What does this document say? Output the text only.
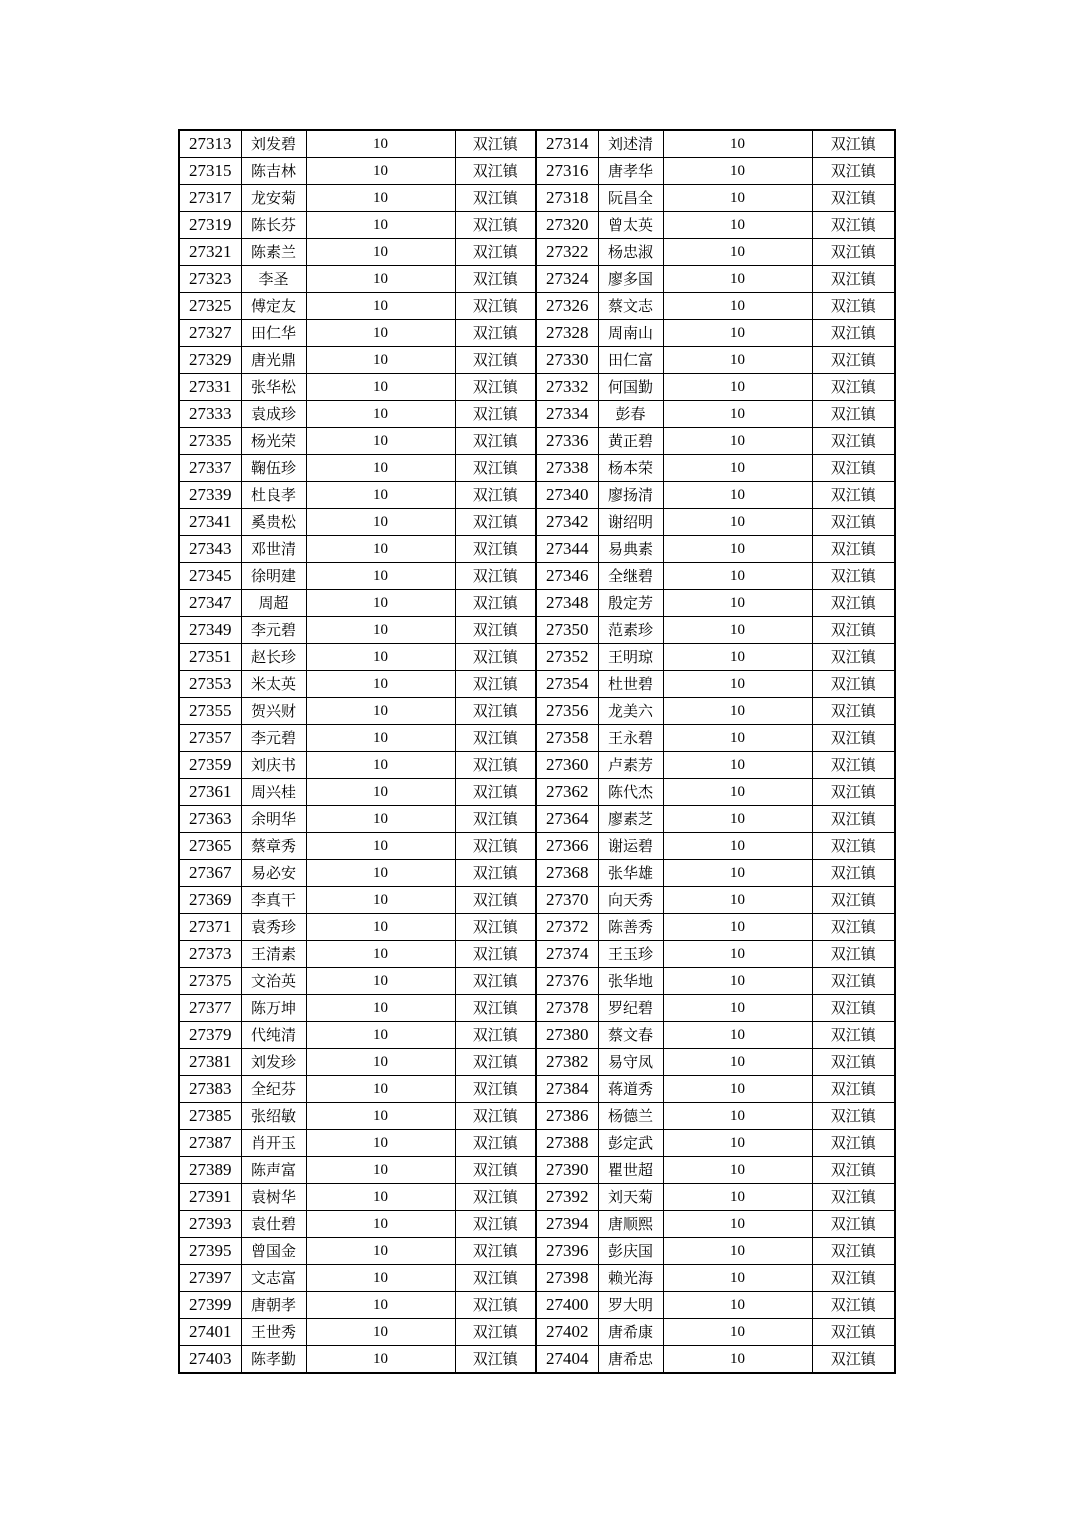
27313	刘发碧	10	双江镇	27314	刘述清	10	双江镇
27315	陈吉林	10	双江镇	27316	唐孝华	10	双江镇
27317	龙安菊	10	双江镇	27318	阮昌全	10	双江镇
27319	陈长芬	10	双江镇	27320	曾太英	10	双江镇
27321	陈素兰	10	双江镇	27322	杨忠淑	10	双江镇
27323	李圣	10	双江镇	27324	廖多国	10	双江镇
27325	傅定友	10	双江镇	27326	蔡文志	10	双江镇
27327	田仁华	10	双江镇	27328	周南山	10	双江镇
27329	唐光鼎	10	双江镇	27330	田仁富	10	双江镇
27331	张华松	10	双江镇	27332	何国勤	10	双江镇
27333	袁成珍	10	双江镇	27334	彭春	10	双江镇
27335	杨光荣	10	双江镇	27336	黄正碧	10	双江镇
27337	鞠伍珍	10	双江镇	27338	杨本荣	10	双江镇
27339	杜良孝	10	双江镇	27340	廖扬清	10	双江镇
27341	奚贵松	10	双江镇	27342	谢绍明	10	双江镇
27343	邓世清	10	双江镇	27344	易典素	10	双江镇
27345	徐明建	10	双江镇	27346	全继碧	10	双江镇
27347	周超	10	双江镇	27348	殷定芳	10	双江镇
27349	李元碧	10	双江镇	27350	范素珍	10	双江镇
27351	赵长珍	10	双江镇	27352	王明琼	10	双江镇
27353	米太英	10	双江镇	27354	杜世碧	10	双江镇
27355	贺兴财	10	双江镇	27356	龙美六	10	双江镇
27357	李元碧	10	双江镇	27358	王永碧	10	双江镇
27359	刘庆书	10	双江镇	27360	卢素芳	10	双江镇
27361	周兴桂	10	双江镇	27362	陈代杰	10	双江镇
27363	余明华	10	双江镇	27364	廖素芝	10	双江镇
27365	蔡章秀	10	双江镇	27366	谢运碧	10	双江镇
27367	易必安	10	双江镇	27368	张华雄	10	双江镇
27369	李真干	10	双江镇	27370	向天秀	10	双江镇
27371	袁秀珍	10	双江镇	27372	陈善秀	10	双江镇
27373	王清素	10	双江镇	27374	王玉珍	10	双江镇
27375	文治英	10	双江镇	27376	张华地	10	双江镇
27377	陈万坤	10	双江镇	27378	罗纪碧	10	双江镇
27379	代纯清	10	双江镇	27380	蔡文春	10	双江镇
27381	刘发珍	10	双江镇	27382	易守凤	10	双江镇
27383	全纪芬	10	双江镇	27384	蒋道秀	10	双江镇
27385	张绍敏	10	双江镇	27386	杨德兰	10	双江镇
27387	肖开玉	10	双江镇	27388	彭定武	10	双江镇
27389	陈声富	10	双江镇	27390	瞿世超	10	双江镇
27391	袁树华	10	双江镇	27392	刘天菊	10	双江镇
27393	袁仕碧	10	双江镇	27394	唐顺熙	10	双江镇
27395	曾国金	10	双江镇	27396	彭庆国	10	双江镇
27397	文志富	10	双江镇	27398	赖光海	10	双江镇
27399	唐朝孝	10	双江镇	27400	罗大明	10	双江镇
27401	王世秀	10	双江镇	27402	唐希康	10	双江镇
27403	陈孝勤	10	双江镇	27404	唐希忠	10	双江镇
